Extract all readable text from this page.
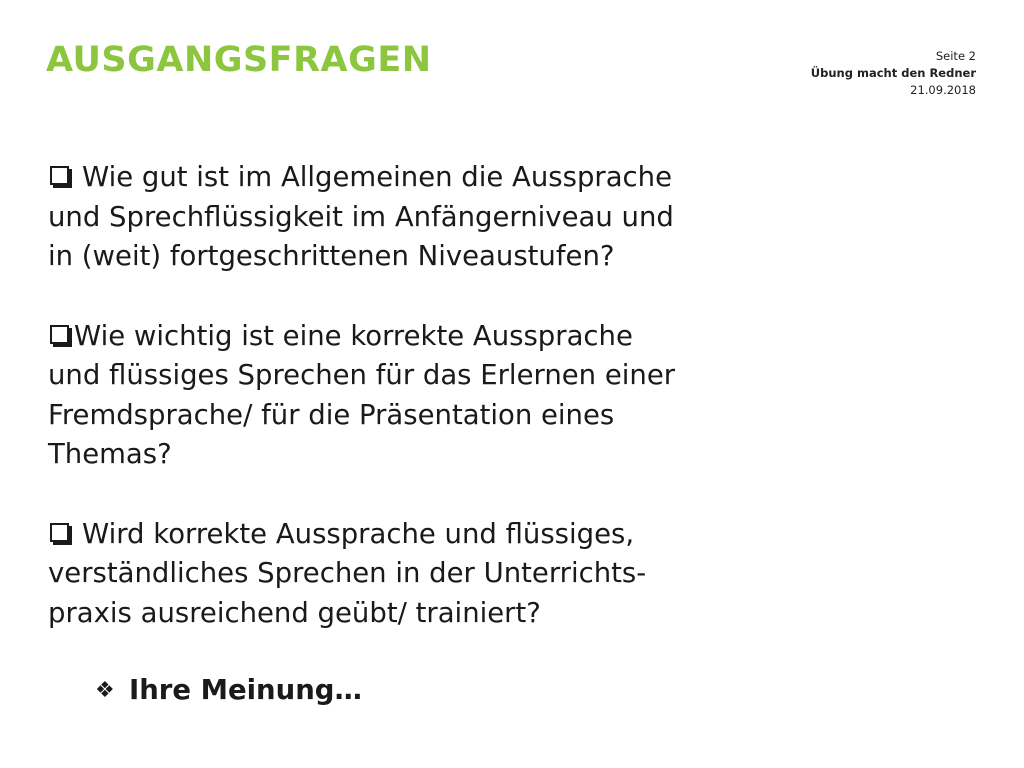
AUSGANGSFRAGEN	Seite 2
Übung macht den Redner
21.09.2018
Wie gut ist im Allgemeinen die Aussprache
und Sprechflüssigkeit im Anfängerniveau und
in (weit) fortgeschrittenen Niveaustufen?
Wie wichtig ist eine korrekte Aussprache
und flüssiges Sprechen für das Erlernen einer
Fremdsprache/ für die Präsentation eines
Themas?
Wird korrekte Aussprache und flüssiges,
verständliches Sprechen in der Unterrichts-
praxis ausreichend geübt/ trainiert?
❖ Ihre Meinung…
